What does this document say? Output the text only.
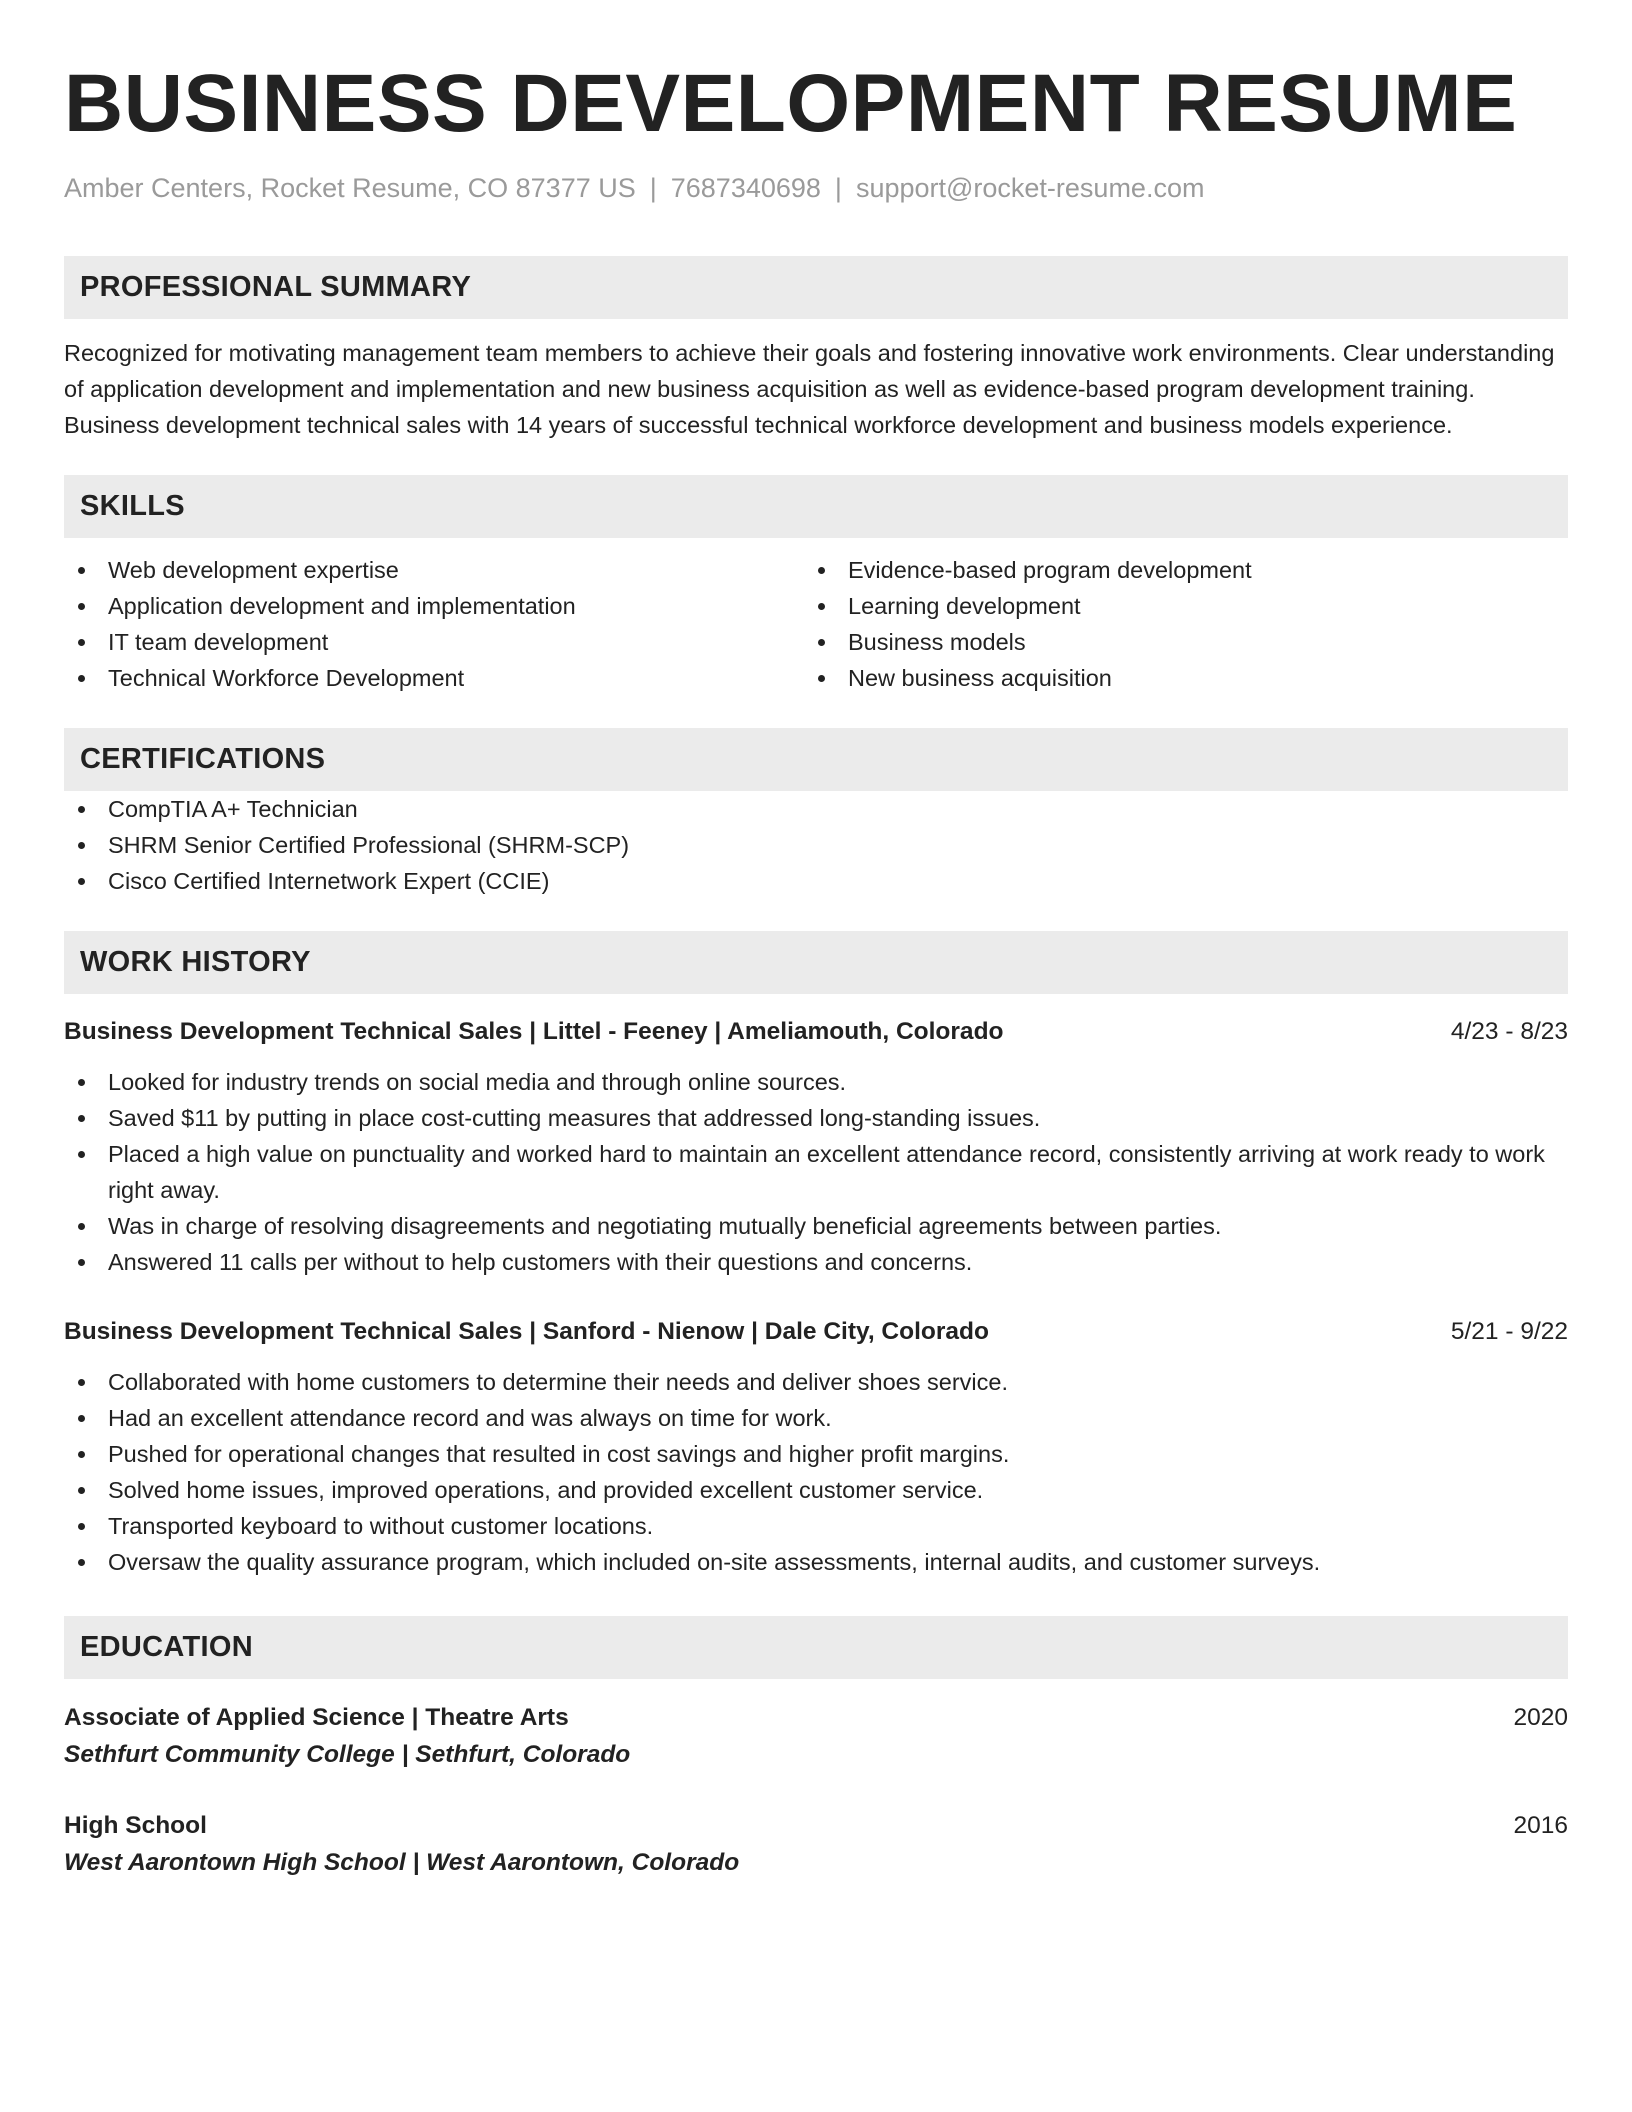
BUSINESS DEVELOPMENT RESUME
Amber Centers, Rocket Resume, CO 87377 US | 7687340698 | support@rocket-resume.com
PROFESSIONAL SUMMARY

Recognized for motivating management team members to achieve their goals and fostering innovative work environments. Clear understanding of application development and implementation and new business acquisition as well as evidence-based program development training. Business development technical sales with 14 years of successful technical workforce development and business models experience.

SKILLS
Web development expertise
Application development and implementation
IT team development
Technical Workforce Development
Evidence-based program development
Learning development
Business models
New business acquisition
CERTIFICATIONS
CompTIA A+ Technician
SHRM Senior Certified Professional (SHRM-SCP)
Cisco Certified Internetwork Expert (CCIE)
WORK HISTORY
Business Development Technical Sales | Littel - Feeney | Ameliamouth, Colorado	4/23 - 8/23
Looked for industry trends on social media and through online sources.
Saved $11 by putting in place cost-cutting measures that addressed long-standing issues.
Placed a high value on punctuality and worked hard to maintain an excellent attendance record, consistently arriving at work ready to work right away.
Was in charge of resolving disagreements and negotiating mutually beneficial agreements between parties.
Answered 11 calls per without to help customers with their questions and concerns.
Business Development Technical Sales | Sanford - Nienow | Dale City, Colorado	5/21 - 9/22
Collaborated with home customers to determine their needs and deliver shoes service.
Had an excellent attendance record and was always on time for work.
Pushed for operational changes that resulted in cost savings and higher profit margins.
Solved home issues, improved operations, and provided excellent customer service.
Transported keyboard to without customer locations.
Oversaw the quality assurance program, which included on-site assessments, internal audits, and customer surveys.
EDUCATION
Associate of Applied Science | Theatre Arts	2020
Sethfurt Community College | Sethfurt, Colorado
High School	2016
West Aarontown High School | West Aarontown, Colorado
